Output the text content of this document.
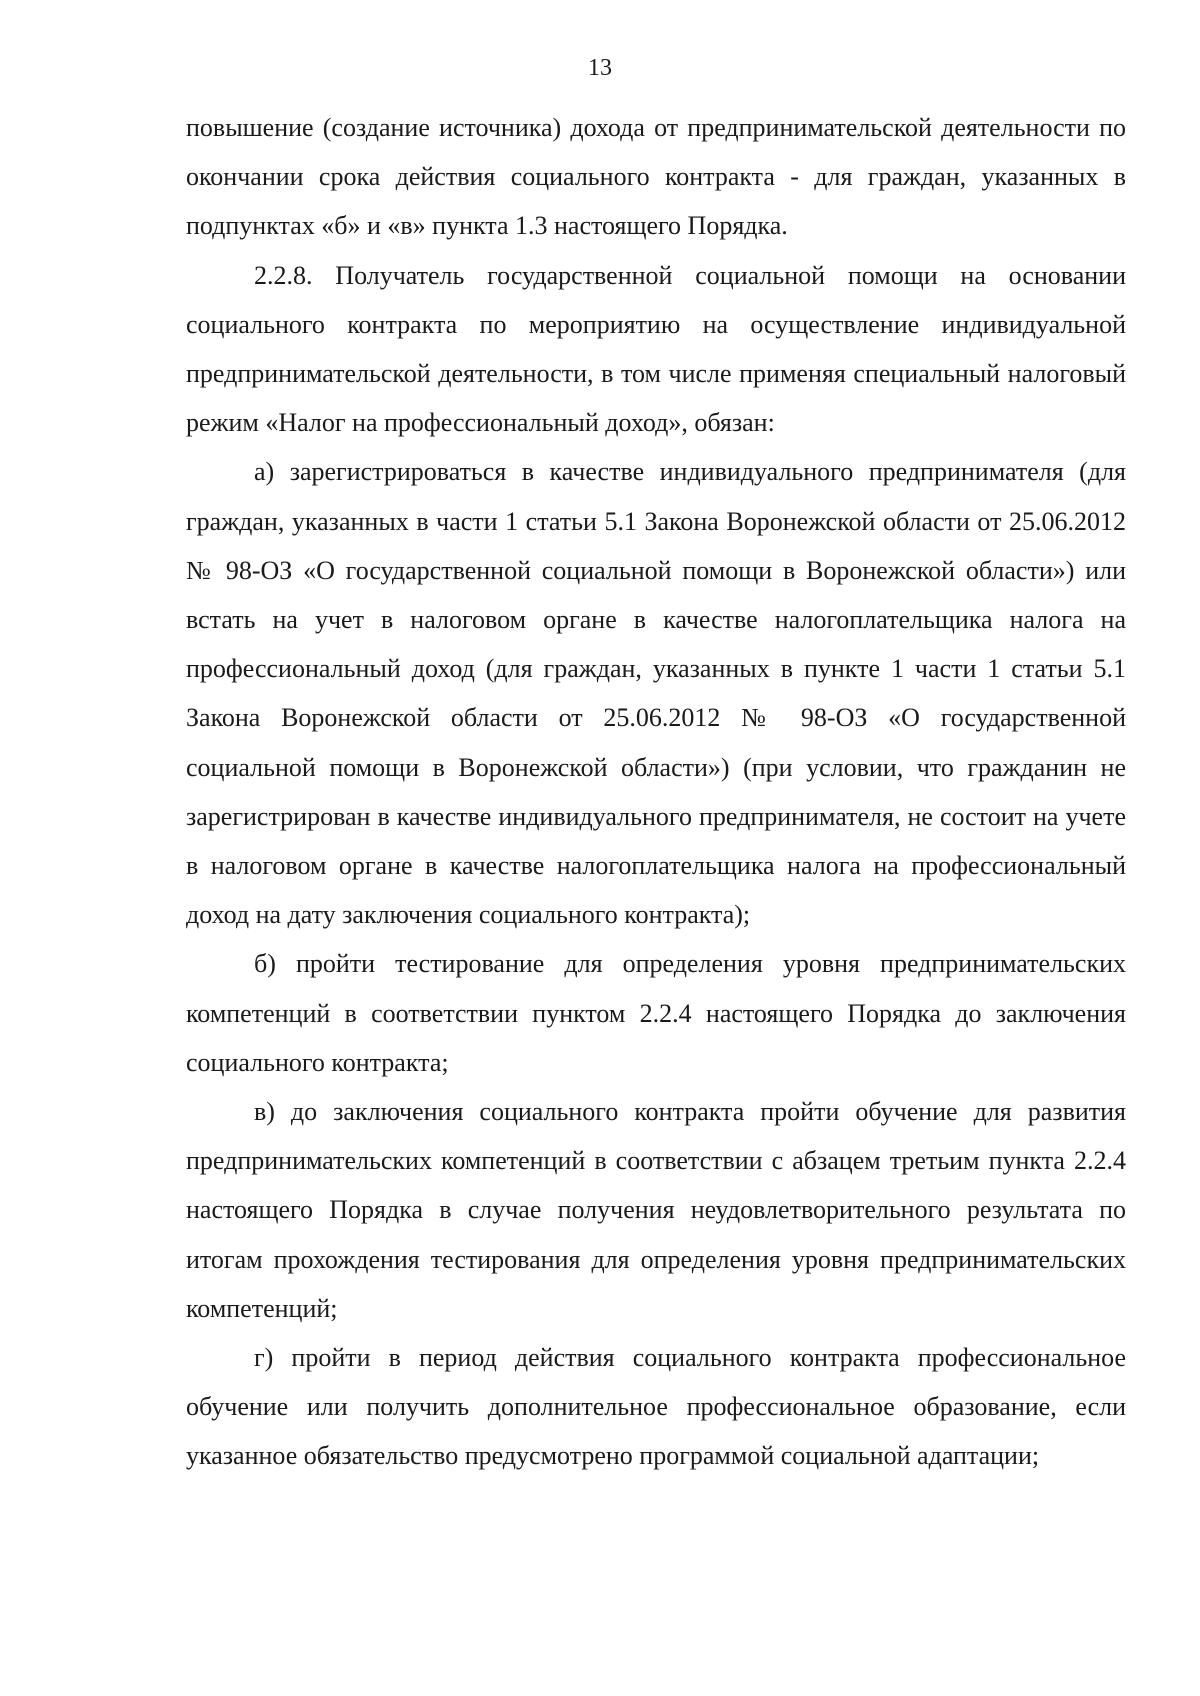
13

повышение (создание источника) дохода от предпринимательской деятельности по окончании срока действия социального контракта - для граждан, указанных в подпунктах «б» и «в» пункта 1.3 настоящего Порядка.

2.2.8. Получатель государственной социальной помощи на основании социального контракта по мероприятию на осуществление индивидуальной предпринимательской деятельности, в том числе применяя специальный налоговый режим «Налог на профессиональный доход», обязан:

а) зарегистрироваться в качестве индивидуального предпринимателя (для граждан, указанных в части 1 статьи 5.1 Закона Воронежской области от 25.06.2012 № 98-ОЗ «О государственной социальной помощи в Воронежской области») или встать на учет в налоговом органе в качестве налогоплательщика налога на профессиональный доход (для граждан, указанных в пункте 1 части 1 статьи 5.1 Закона Воронежской области от 25.06.2012 № 98-ОЗ «О государственной социальной помощи в Воронежской области») (при условии, что гражданин не зарегистрирован в качестве индивидуального предпринимателя, не состоит на учете в налоговом органе в качестве налогоплательщика налога на профессиональный доход на дату заключения социального контракта);

б) пройти тестирование для определения уровня предпринимательских компетенций в соответствии пунктом 2.2.4 настоящего Порядка до заключения социального контракта;

в) до заключения социального контракта пройти обучение для развития предпринимательских компетенций в соответствии с абзацем третьим пункта 2.2.4 настоящего Порядка в случае получения неудовлетворительного результата по итогам прохождения тестирования для определения уровня предпринимательских компетенций;

г) пройти в период действия социального контракта профессиональное обучение или получить дополнительное профессиональное образование, если указанное обязательство предусмотрено программой социальной адаптации;
